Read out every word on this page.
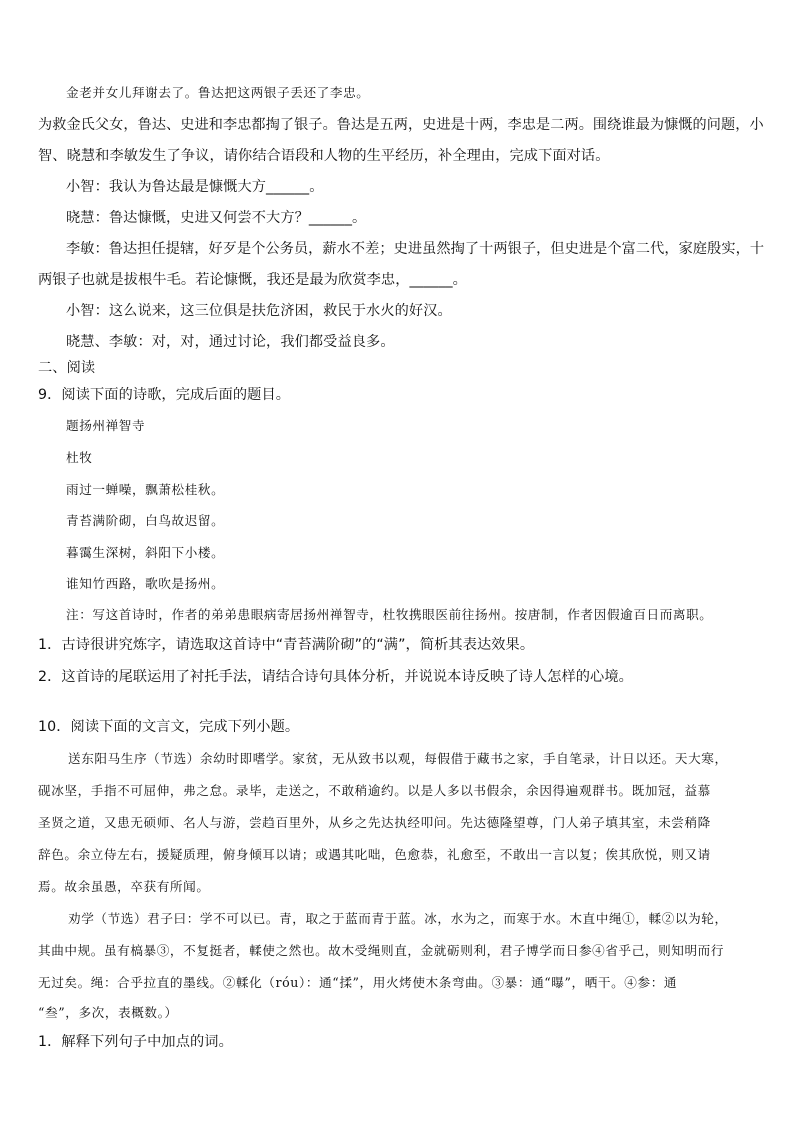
金老并女儿拜谢去了。鲁达把这两银子丢还了李忠。
为救金氏父女，鲁达、史进和李忠都掏了银子。鲁达是五两，史进是十两，李忠是二两。围绕谁最为慷慨的问题，小
智、晓慧和李敏发生了争议，请你结合语段和人物的生平经历，补全理由，完成下面对话。
小智：我认为鲁达最是慷慨大方______。
晓慧：鲁达慷慨，史进又何尝不大方？______。
李敏：鲁达担任提辖，好歹是个公务员，薪水不差；史进虽然掏了十两银子，但史进是个富二代，家庭殷实，十
两银子也就是拔根牛毛。若论慷慨，我还是最为欣赏李忠，______。
小智：这么说来，这三位俱是扶危济困，救民于水火的好汉。
晓慧、李敏：对，对，通过讨论，我们都受益良多。
二、阅读
9．阅读下面的诗歌，完成后面的题目。
题扬州禅智寺
杜牧
雨过一蝉噪，飘萧松桂秋。
青苔满阶砌，白鸟故迟留。
暮霭生深树，斜阳下小楼。
谁知竹西路，歌吹是扬州。
注：写这首诗时，作者的弟弟患眼病寄居扬州禅智寺，杜牧携眼医前往扬州。按唐制，作者因假逾百日而离职。
1．古诗很讲究炼字，请选取这首诗中“青苔满阶砌”的“满”，简析其表达效果。
2．这首诗的尾联运用了衬托手法，请结合诗句具体分析，并说说本诗反映了诗人怎样的心境。
10．阅读下面的文言文，完成下列小题。
送东阳马生序（节选）余幼时即嗜学。家贫，无从致书以观，每假借于藏书之家，手自笔录，计日以还。天大寒，
砚冰坚，手指不可屈伸，弗之怠。录毕，走送之，不敢稍逾约。以是人多以书假余，余因得遍观群书。既加冠，益慕
圣贤之道，又患无硕师、名人与游，尝趋百里外，从乡之先达执经叩问。先达德隆望尊，门人弟子填其室，未尝稍降
辞色。余立侍左右，援疑质理，俯身倾耳以请；或遇其叱咄，色愈恭，礼愈至，不敢出一言以复；俟其欣悦，则又请
焉。故余虽愚，卒获有所闻。
劝学（节选）君子曰：学不可以已。青，取之于蓝而青于蓝。冰，水为之，而寒于水。木直中绳①，輮②以为轮，
其曲中规。虽有槁暴③，不复挺者，輮使之然也。故木受绳则直，金就砺则利，君子博学而日参④省乎己，则知明而行
无过矣。绳：合乎拉直的墨线。②輮化（róu）：通“揉”，用火烤使木条弯曲。③暴：通“曝”，晒干。④参：通
“叁”，多次，表概数。）
1．解释下列句子中加点的词。
